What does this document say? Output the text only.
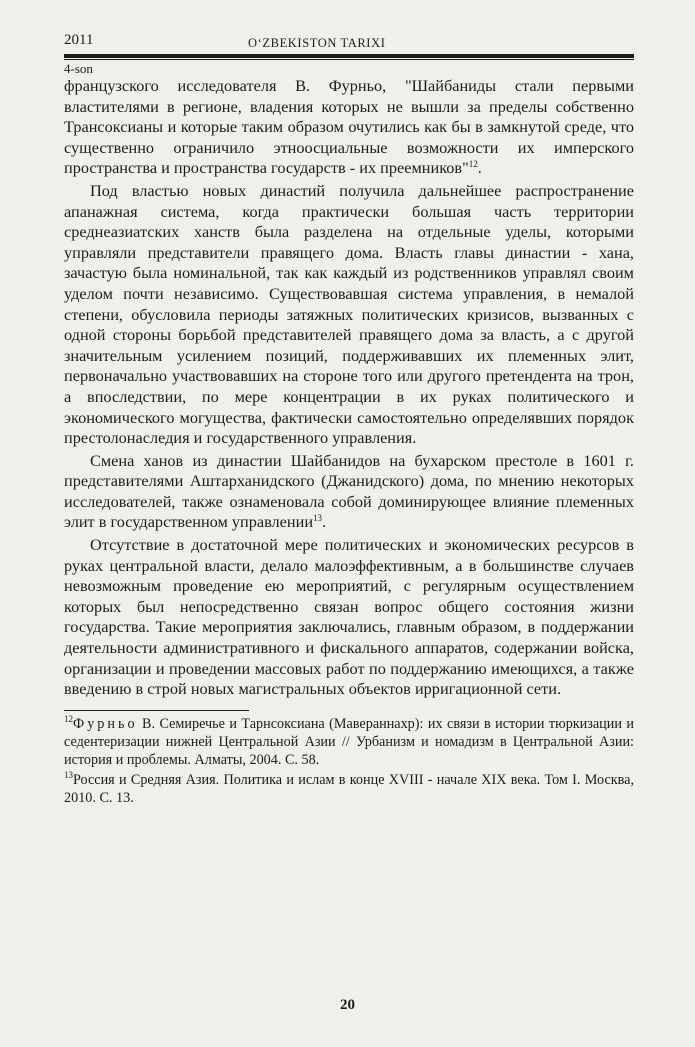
2011	O‘ZBEKISTON TARIXI
4-son

французского исследователя В. Фурньо, "Шайбаниды стали первыми властителями в регионе, владения которых не вышли за пределы собственно Трансоксианы и которые таким образом очутились как бы в замкнутой среде, что существенно ограничило этноосциальные возможности их имперского пространства и пространства государств - их преемников"$^{12}$.

Под властью новых династий получила дальнейшее распространение апанажная система, когда практически большая часть территории среднеазиатских ханств была разделена на отдельные уделы, которыми управляли представители правящего дома. Власть главы династии - хана, зачастую была номинальной, так как каждый из родственников управлял своим уделом почти независимо. Существовавшая система управления, в немалой степени, обусловила периоды затяжных политических кризисов, вызванных с одной стороны борьбой представителей правящего дома за власть, а с другой значительным усилением позиций, поддерживавших их племенных элит, первоначально участвовавших на стороне того или другого претендента на трон, а впоследствии, по мере концентрации в их руках политического и экономического могущества, фактически самостоятельно определявших порядок престолонаследия и государственного управления.

Смена ханов из династии Шайбанидов на бухарском престоле в 1601 г. представителями Аштарханидского (Джанидского) дома, по мнению некоторых исследователей, также ознаменовала собой доминирующее влияние племенных элит в государственном управлении$^{13}$.

Отсутствие в достаточной мере политических и экономических ресурсов в руках центральной власти, делало малоэффективным, а в большинстве случаев невозможным проведение ею мероприятий, с регулярным осуществлением которых был непосредственно связан вопрос общего состояния жизни государства. Такие мероприятия заключались, главным образом, в поддержании деятельности административного и фискального аппаратов, содержании войска, организации и проведении массовых работ по поддержанию имеющихся, а также введению в строй новых магистральных объектов ирригационной сети.

$^{12}$Фурньо В. Семиречье и Тарнсоксиана (Мавераннахр): их связи в истории тюркизации и седентеризации нижней Центральной Азии // Урбанизм и номадизм в Центральной Азии: история и проблемы. Алматы, 2004. С. 58.

$^{13}$Россия и Средняя Азия. Политика и ислам в конце XVIII - начале XIX века. Том I. Москва, 2010. С. 13.

20
